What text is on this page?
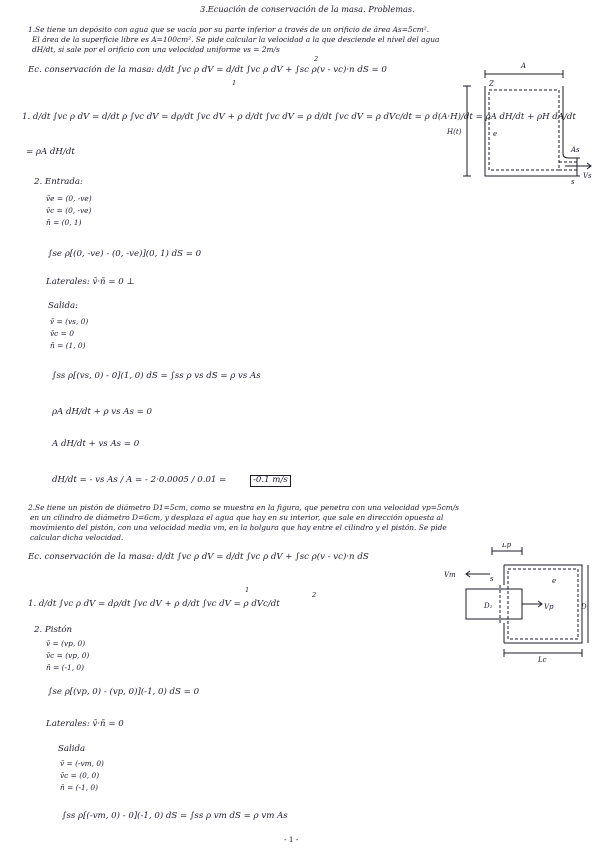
3.Ecuación de conservación de la masa. Problemas.
1.Se tiene un depósito con agua que se vacía por su parte inferior a través de un orificio de área As=5cm².
El área de la superficie libre es A=100cm². Se pide calcular la velocidad a la que desciende el nivel del agua
dH/dt, si sale por el orificio con una velocidad uniforme vs = 2m/s
Ec. conservación de la masa: d/dt ∫vc ρ dV = d/dt ∫vc ρ dV + ∫sc ρ(v - vc)·n dS = 0
1
2
1. d/dt ∫vc ρ dV = d/dt ρ ∫vc dV = dρ/dt ∫vc dV + ρ d/dt ∫vc dV = ρ d/dt ∫vc dV = ρ dVc/dt = ρ d(A·H)/dt = ρA dH/dt + ρH dA/dt
= ρA dH/dt
2. Entrada:
v̄e = (0, -ve)
v̄c = (0, -ve)
n̄ = (0, 1)
∫se ρ[(0, -ve) - (0, -ve)](0, 1) dS = 0
Laterales: v̄·n̄ = 0 ⊥
Salida:
v̄ = (vs, 0)
v̄c = 0
n̄ = (1, 0)
∫ss ρ[(vs, 0) - 0](1, 0) dS = ∫ss ρ vs dS = ρ vs As
ρA dH/dt + ρ vs As = 0
A dH/dt + vs As = 0
dH/dt = - vs As / A = - 2·0.0005 / 0.01 =	-0.1 m/s
A
Z
H(t)
As
Vs
s
e
2.Se tiene un pistón de diámetro D1=5cm, como se muestra en la figura, que penetra con una velocidad vp=5cm/s
en un cilindro de diámetro D=6cm, y desplaza el agua que hay en su interior, que sale en dirección opuesta al
movimiento del pistón, con una velocidad media vm, en la holgura que hay entre el cilindro y el pistón. Se pide
calcular dicha velocidad.
Ec. conservación de la masa: d/dt ∫vc ρ dV = d/dt ∫vc ρ dV + ∫sc ρ(v - vc)·n dS
1
2
1. d/dt ∫vc ρ dV = dρ/dt ∫vc dV + ρ d/dt ∫vc dV = ρ dVc/dt
2. Pistón
v̄ = (vp, 0)
v̄c = (vp, 0)
n̄ = (-1, 0)
∫se ρ[(vp, 0) - (vp, 0)](-1, 0) dS = 0
Laterales: v̄·n̄ = 0
Salida
v̄ = (-vm, 0)
v̄c = (0, 0)
n̄ = (-1, 0)
∫ss ρ[(-vm, 0) - 0](-1, 0) dS = ∫ss ρ vm dS = ρ vm As
Lp
Vm	s
D₁	Vp	D
Lc
e
- 1 -
